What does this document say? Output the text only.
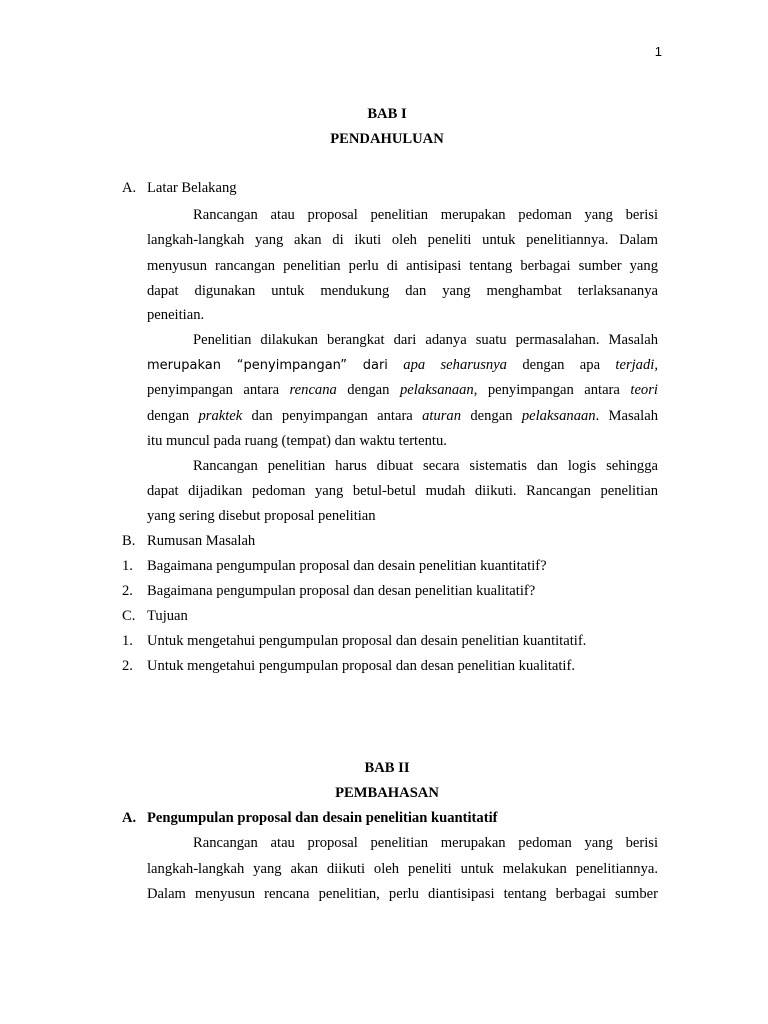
1
BAB I
PENDAHULUAN
A. Latar Belakang
Rancangan atau proposal penelitian merupakan pedoman yang berisi
langkah-langkah yang akan di ikuti oleh peneliti untuk penelitiannya. Dalam
menyusun rancangan penelitian perlu di antisipasi tentang berbagai sumber yang
dapat digunakan untuk mendukung dan yang menghambat terlaksananya
peneitian.
Penelitian dilakukan berangkat dari adanya suatu permasalahan. Masalah
merupakan “penyimpangan” dari apa seharusnya dengan apa terjadi,
penyimpangan antara rencana dengan pelaksanaan, penyimpangan antara teori
dengan praktek dan penyimpangan antara aturan dengan pelaksanaan. Masalah
itu muncul pada ruang (tempat) dan waktu tertentu.
Rancangan penelitian harus dibuat secara sistematis dan logis sehingga
dapat dijadikan pedoman yang betul-betul mudah diikuti. Rancangan penelitian
yang sering disebut proposal penelitian
B. Rumusan Masalah
1. Bagaimana pengumpulan proposal dan desain penelitian kuantitatif?
2. Bagaimana pengumpulan proposal dan desan penelitian kualitatif?
C. Tujuan
1. Untuk mengetahui pengumpulan proposal dan desain penelitian kuantitatif.
2. Untuk mengetahui pengumpulan proposal dan desan penelitian kualitatif.
BAB II
PEMBAHASAN
A. Pengumpulan proposal dan desain penelitian kuantitatif
Rancangan atau proposal penelitian merupakan pedoman yang berisi
langkah-langkah yang akan diikuti oleh peneliti untuk melakukan penelitiannya.
Dalam menyusun rencana penelitian, perlu diantisipasi tentang berbagai sumber
